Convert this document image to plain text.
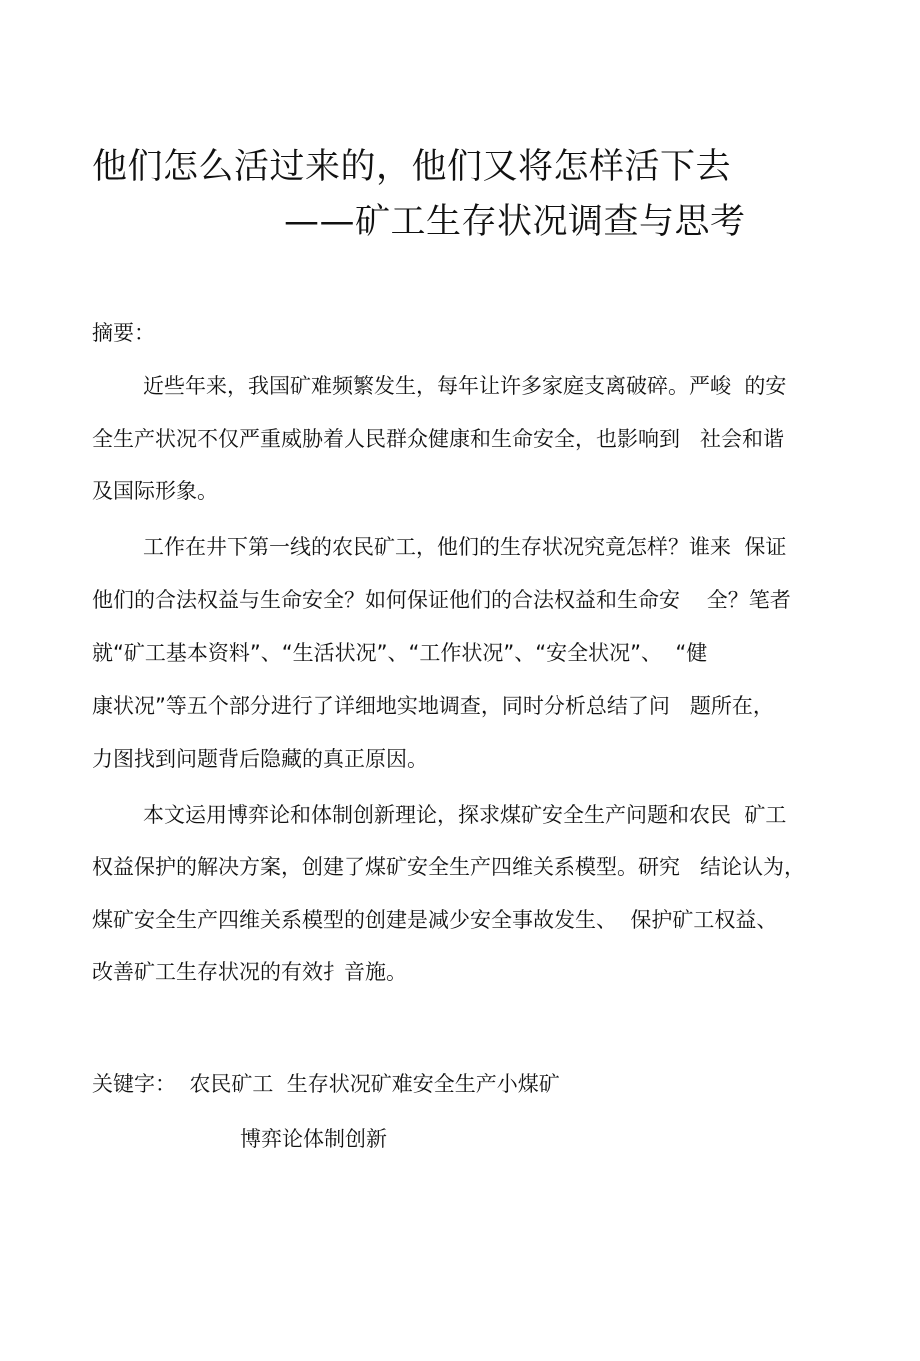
他们怎么活过来的，他们又将怎样活下去
——矿工生存状况调查与思考
摘要：
近些年来，我国矿难频繁发生，每年让许多家庭支离破碎。严峻  的安
全生产状况不仅严重威胁着人民群众健康和生命安全，也影响到   社会和谐
及国际形象。
工作在井下第一线的农民矿工，他们的生存状况究竟怎样？谁来  保证
他们的合法权益与生命安全？如何保证他们的合法权益和生命安    全？笔者
就“矿工基本资料”、“生活状况”、“工作状况”、“安全状况”、  “健
康状况”等五个部分进行了详细地实地调查，同时分析总结了问   题所在，
力图找到问题背后隐藏的真正原因。
本文运用博弈论和体制创新理论，探求煤矿安全生产问题和农民  矿工
权益保护的解决方案，创建了煤矿安全生产四维关系模型。研究   结论认为，
煤矿安全生产四维关系模型的创建是减少安全事故发生、  保护矿工权益、
改善矿工生存状况的有效扌音施。
关键字：  农民矿工  生存状况矿难安全生产小煤矿
博弈论体制创新
